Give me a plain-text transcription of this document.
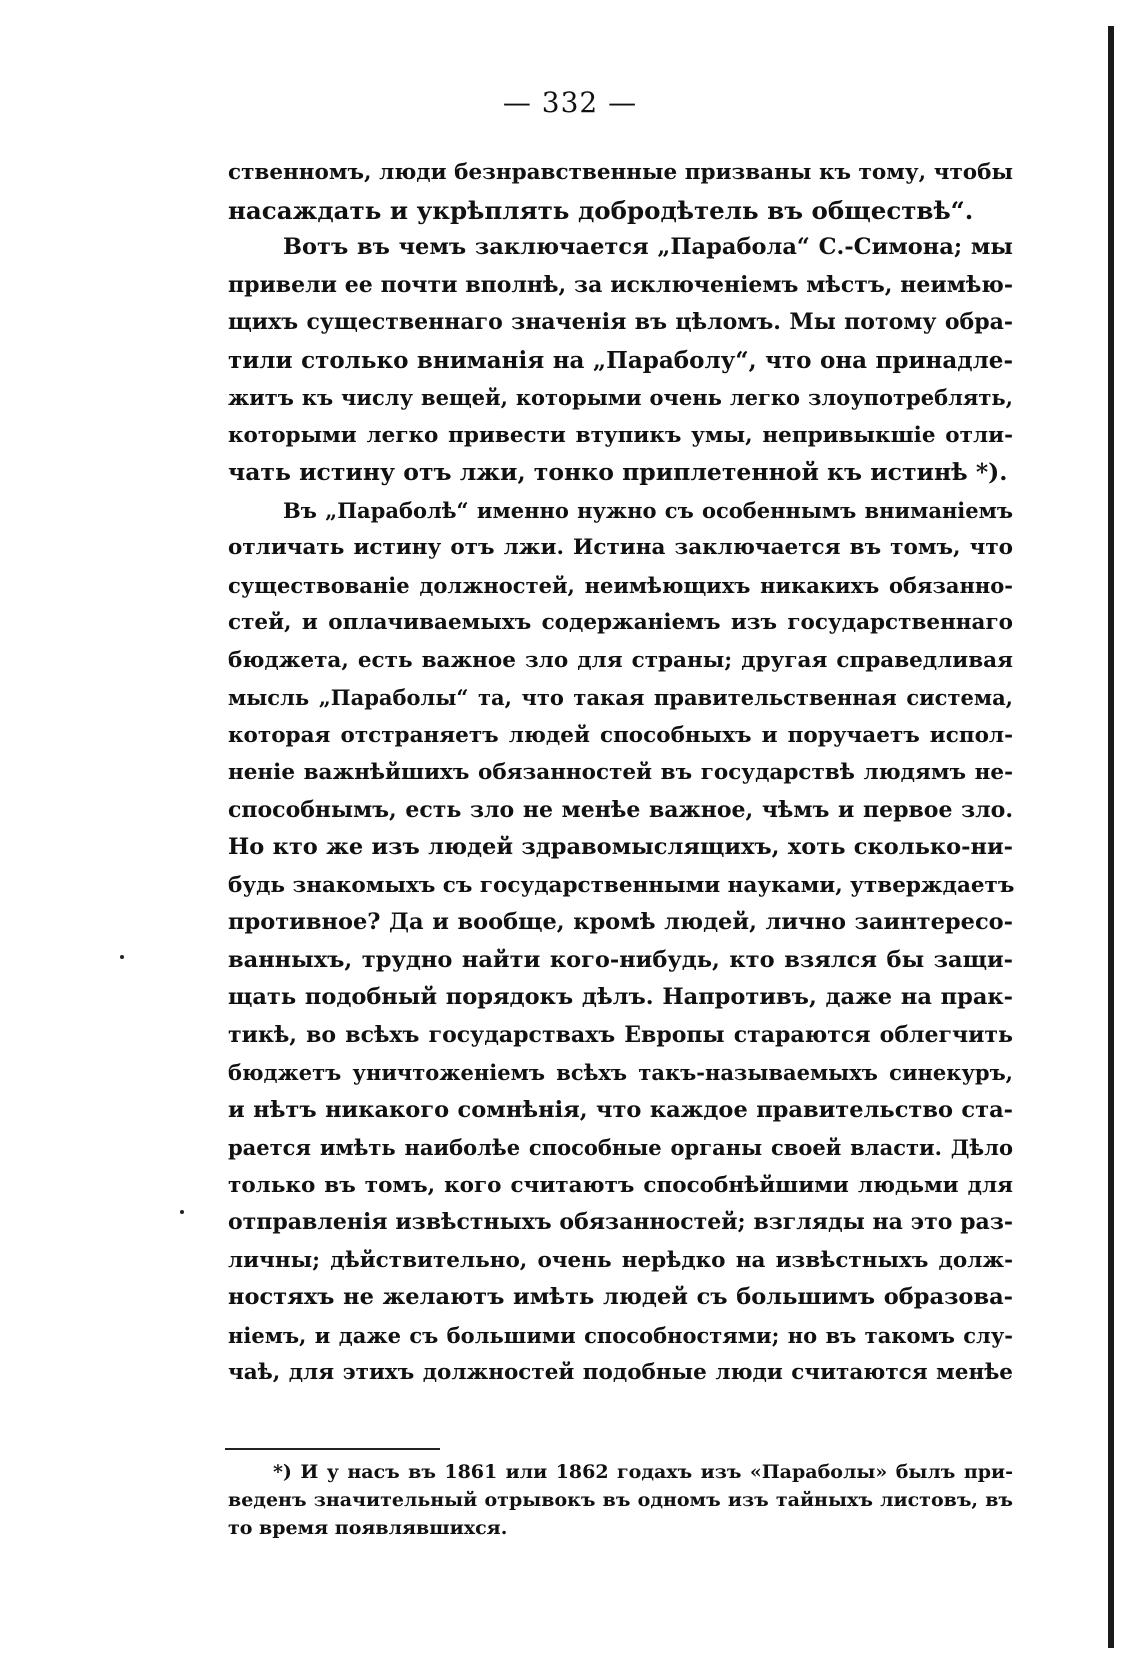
— 332 —
ственномъ, люди безнравственные призваны къ тому, чтобы
насаждать и укрѣплять добродѣтель въ обществѣ“.
Вотъ въ чемъ заключается „Парабола“ С.-Симона; мы
привели ее почти вполнѣ, за исключеніемъ мѣстъ, неимѣю-
щихъ существеннаго значенія въ цѣломъ. Мы потому обра-
тили столько вниманія на „Параболу“, что она принадле-
житъ къ числу вещей, которыми очень легко злоупотреблять,
которыми легко привести втупикъ умы, непривыкшіе отли-
чать истину отъ лжи, тонко приплетенной къ истинѣ *).
Въ „Параболѣ“ именно нужно съ особеннымъ вниманіемъ
отличать истину отъ лжи. Истина заключается въ томъ, что
существованіе должностей, неимѣющихъ никакихъ обязанно-
стей, и оплачиваемыхъ содержаніемъ изъ государственнаго
бюджета, есть важное зло для страны; другая справедливая
мысль „Параболы“ та, что такая правительственная система,
которая отстраняетъ людей способныхъ и поручаетъ испол-
неніе важнѣйшихъ обязанностей въ государствѣ людямъ не-
способнымъ, есть зло не менѣе важное, чѣмъ и первое зло.
Но кто же изъ людей здравомыслящихъ, хоть сколько-ни-
будь знакомыхъ съ государственными науками, утверждаетъ
противное? Да и вообще, кромѣ людей, лично заинтересо-
ванныхъ, трудно найти кого-нибудь, кто взялся бы защи-
щать подобный порядокъ дѣлъ. Напротивъ, даже на прак-
тикѣ, во всѣхъ государствахъ Европы стараются облегчить
бюджетъ уничтоженіемъ всѣхъ такъ-называемыхъ синекуръ,
и нѣтъ никакого сомнѣнія, что каждое правительство ста-
рается имѣть наиболѣе способные органы своей власти. Дѣло
только въ томъ, кого считаютъ способнѣйшими людьми для
отправленія извѣстныхъ обязанностей; взгляды на это раз-
личны; дѣйствительно, очень нерѣдко на извѣстныхъ долж-
ностяхъ не желаютъ имѣть людей съ большимъ образова-
ніемъ, и даже съ большими способностями; но въ такомъ слу-
чаѣ, для этихъ должностей подобные люди считаются менѣе
*) И у насъ въ 1861 или 1862 годахъ изъ «Параболы» былъ при-
веденъ значительный отрывокъ въ одномъ изъ тайныхъ листовъ, въ
то время появлявшихся.
